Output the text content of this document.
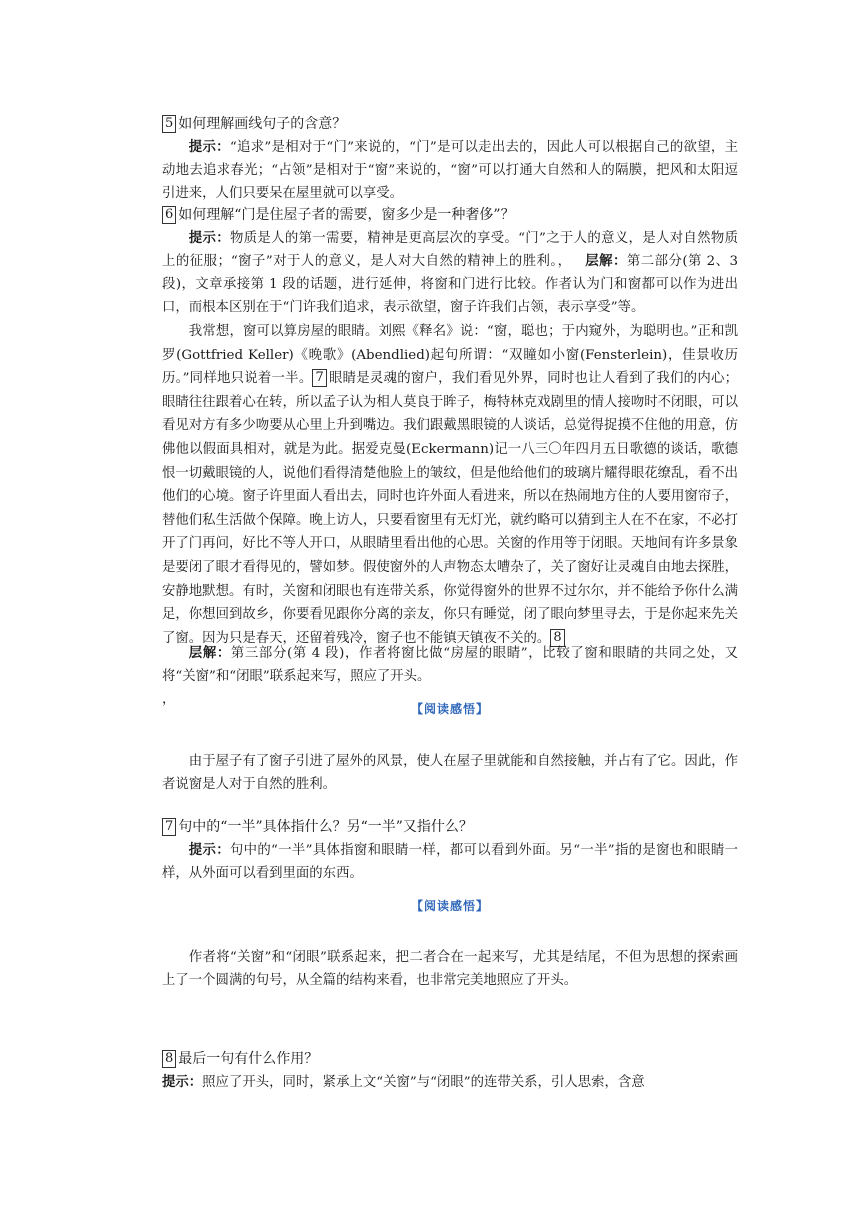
5 如何理解画线句子的含意？

提示：“追求”是相对于“门”来说的，“门”是可以走出去的，因此人可以根据自己的欲望，主动地去追求春光；“占领”是相对于“窗”来说的，“窗”可以打通大自然和人的隔膜，把风和太阳逗引进来，人们只要呆在屋里就可以享受。

6 如何理解“门是住屋子者的需要，窗多少是一种奢侈”？

提示：物质是人的第一需要，精神是更高层次的享受。“门”之于人的意义，是人对自然物质上的征服；“窗子”对于人的意义，是人对大自然的精神上的胜利。，  层解：第二部分(第 2、3 段)，文章承接第 1 段的话题，进行延伸，将窗和门进行比较。作者认为门和窗都可以作为进出口，而根本区别在于“门许我们追求，表示欲望，窗子许我们占领，表示享受”等。

我常想，窗可以算房屋的眼睛。刘熙《释名》说：“窗，聪也；于内窥外，为聪明也。”正和凯罗(Gottfried Keller)《晚歌》(Abendlied)起句所谓：“双瞳如小窗(Fensterlein)，佳景收历历。”同样地只说着一半。 7 眼睛是灵魂的窗户，我们看见外界，同时也让人看到了我们的内心；眼睛往往跟着心在转，所以孟子认为相人莫良于眸子，梅特林克戏剧里的情人接吻时不闭眼，可以看见对方有多少吻要从心里上升到嘴边。我们跟戴黑眼镜的人谈话，总觉得捉摸不住他的用意，仿佛他以假面具相对，就是为此。据爱克曼(Eckermann)记一八三〇年四月五日歌德的谈话，歌德恨一切戴眼镜的人，说他们看得清楚他脸上的皱纹，但是他给他们的玻璃片耀得眼花缭乱，看不出他们的心境。窗子许里面人看出去，同时也许外面人看进来，所以在热闹地方住的人要用窗帘子，替他们私生活做个保障。晚上访人，只要看窗里有无灯光，就约略可以猜到主人在不在家，不必打开了门再问，好比不等人开口，从眼睛里看出他的心思。关窗的作用等于闭眼。天地间有许多景象是要闭了眼才看得见的，譬如梦。假使窗外的人声物态太嘈杂了，关了窗好让灵魂自由地去探胜，安静地默想。有时，关窗和闭眼也有连带关系，你觉得窗外的世界不过尔尔，并不能给予你什么满足，你想回到故乡，你要看见跟你分离的亲友，你只有睡觉，闭了眼向梦里寻去，于是你起来先关了窗。因为只是春天，还留着残冷，窗子也不能镇天镇夜不关的。 8

层解：第三部分(第 4 段)，作者将窗比做“房屋的眼睛”，比较了窗和眼睛的共同之处，又将“关窗”和“闭眼”联系起来写，照应了开头。

，

【阅读感悟】

由于屋子有了窗子引进了屋外的风景，使人在屋子里就能和自然接触，并占有了它。因此，作者说窗是人对于自然的胜利。

7 句中的“一半”具体指什么？另“一半”又指什么？

提示：句中的“一半”具体指窗和眼睛一样，都可以看到外面。另“一半”指的是窗也和眼睛一样，从外面可以看到里面的东西。

【阅读感悟】

作者将“关窗”和“闭眼”联系起来，把二者合在一起来写，尤其是结尾，不但为思想的探索画上了一个圆满的句号，从全篇的结构来看，也非常完美地照应了开头。

8 最后一句有什么作用？

提示：照应了开头，同时，紧承上文“关窗”与“闭眼”的连带关系，引人思索，含意
